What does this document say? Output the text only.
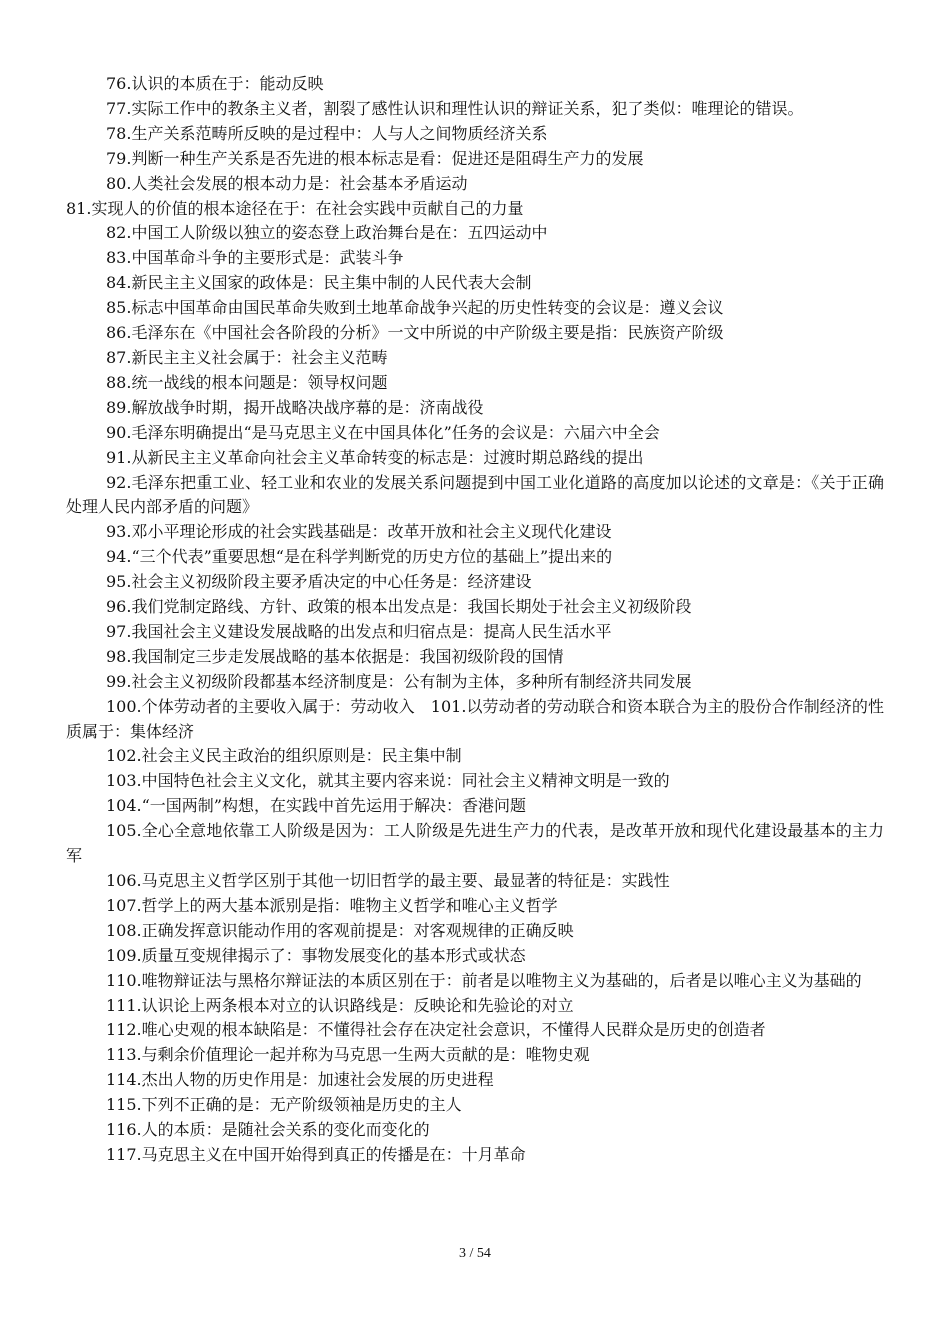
76.认识的本质在于：能动反映

77.实际工作中的教条主义者，割裂了感性认识和理性认识的辩证关系，犯了类似：唯理论的错误。

78.生产关系范畴所反映的是过程中：人与人之间物质经济关系

79.判断一种生产关系是否先进的根本标志是看：促进还是阻碍生产力的发展

80.人类社会发展的根本动力是：社会基本矛盾运动

81.实现人的价值的根本途径在于：在社会实践中贡献自己的力量

82.中国工人阶级以独立的姿态登上政治舞台是在：五四运动中

83.中国革命斗争的主要形式是：武装斗争

84.新民主主义国家的政体是：民主集中制的人民代表大会制

85.标志中国革命由国民革命失败到土地革命战争兴起的历史性转变的会议是：遵义会议

86.毛泽东在《中国社会各阶段的分析》一文中所说的中产阶级主要是指：民族资产阶级

87.新民主主义社会属于：社会主义范畴

88.统一战线的根本问题是：领导权问题

89.解放战争时期，揭开战略决战序幕的是：济南战役

90.毛泽东明确提出“是马克思主义在中国具体化”任务的会议是：六届六中全会

91.从新民主主义革命向社会主义革命转变的标志是：过渡时期总路线的提出

92.毛泽东把重工业、轻工业和农业的发展关系问题提到中国工业化道路的高度加以论述的文章是：《关于正确处理人民内部矛盾的问题》

93.邓小平理论形成的社会实践基础是：改革开放和社会主义现代化建设

94.“三个代表”重要思想“是在科学判断党的历史方位的基础上”提出来的

95.社会主义初级阶段主要矛盾决定的中心任务是：经济建设

96.我们党制定路线、方针、政策的根本出发点是：我国长期处于社会主义初级阶段

97.我国社会主义建设发展战略的出发点和归宿点是：提高人民生活水平

98.我国制定三步走发展战略的基本依据是：我国初级阶段的国情

99.社会主义初级阶段都基本经济制度是：公有制为主体，多种所有制经济共同发展

100.个体劳动者的主要收入属于：劳动收入　101.以劳动者的劳动联合和资本联合为主的股份合作制经济的性质属于：集体经济

102.社会主义民主政治的组织原则是：民主集中制

103.中国特色社会主义文化，就其主要内容来说：同社会主义精神文明是一致的

104.“一国两制”构想，在实践中首先运用于解决：香港问题

105.全心全意地依靠工人阶级是因为：工人阶级是先进生产力的代表，是改革开放和现代化建设最基本的主力军

106.马克思主义哲学区别于其他一切旧哲学的最主要、最显著的特征是：实践性

107.哲学上的两大基本派别是指：唯物主义哲学和唯心主义哲学

108.正确发挥意识能动作用的客观前提是：对客观规律的正确反映

109.质量互变规律揭示了：事物发展变化的基本形式或状态

110.唯物辩证法与黑格尔辩证法的本质区别在于：前者是以唯物主义为基础的，后者是以唯心主义为基础的

111.认识论上两条根本对立的认识路线是：反映论和先验论的对立

112.唯心史观的根本缺陷是：不懂得社会存在决定社会意识，不懂得人民群众是历史的创造者

113.与剩余价值理论一起并称为马克思一生两大贡献的是：唯物史观

114.杰出人物的历史作用是：加速社会发展的历史进程

115.下列不正确的是：无产阶级领袖是历史的主人

116.人的本质：是随社会关系的变化而变化的

117.马克思主义在中国开始得到真正的传播是在：十月革命

3 / 54
